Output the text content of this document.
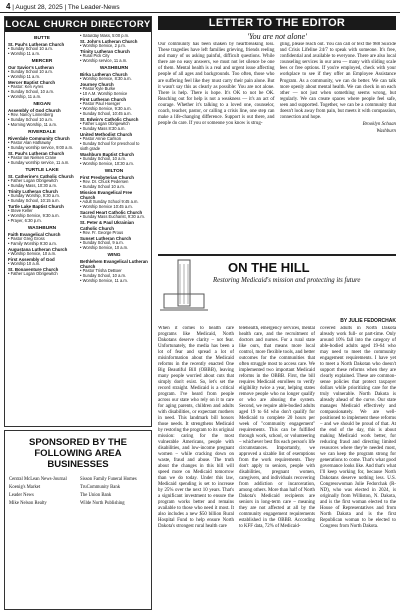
4 | August 28, 2025 | The Leader-News
LOCAL CHURCH DIRECTORY
BUTTE
St. Paul's Lutheran Church
• Sunday School 10 a.m.
• Worship 11 a.m.
MERCER
Our Savior's Lutheran
• Sunday School 10 a.m.
• Worship 11 a.m.
Mercer Baptist Church
• Pastor: Ken Ayres
• Sunday School, 10 a.m.
• Worship, 11 a.m.
NEGAN
Assembly of God Church
• Rev. Nancy Linnenberg
• Sunday School 10 a.m.
• Morning Worship, 11 a.m.
RIVERDALE
Riverdale Community Church
• Pastor Alan Hathaway
• Sunday worship service, 9:00 a.m.
St. Paul's Lutheran Church
• Pastor Ian Nielsen Crane
• Sunday worship service, 11 a.m.
TURTLE LAKE
St. Catherine's Catholic Church
• Father Logan Obrigewitch
• Sunday Mass, 10:30 a.m.
Trinity Lutheran Church
• Sunday Worship, 9:30 a.m.
• Sunday School, 10:15 a.m.
Turtle Lake Baptist Church
• Steve Keller
• Worship Service, 9:30 a.m.
• Prayer, 6:30 p.m.
WASHBURN
Faith Evangelical Church
• Pastor Greg Gross
• Family Worship 9:30 a.m.
Augustana Lutheran Church
• Worship Service, 10 a.m.
First Assembly of God
• Worship 10 a.m.
St. Bonaventure Church
• Father Logan Obrigewitch
• Saturday Mass, 5:00 p.m.
St. John's Lutheran Church
• Worship Service, 2 p.m.
Trinity Lutheran Church
• Rural Pick City
• Worship service, 11 a.m.
WASHBURN
Birka Lutheran Church
• Worship Service, 8:30 a.m.
Journey Church
• Pastor Kyle Burke
• 10 A.M. Worship Service
First Lutheran Church
• Pastor Paul Hoesger
• Worship Service, 9:30 a.m.
• Sunday School, 10:45 a.m.
St. Edwin's Catholic Church
• Father Logan Obrigewitch
• Sunday Mass 8:30 a.m.
United Methodist Church
• Pastor Annie Carlson
• Sunday School for preschool to sixth grade
Washburn Baptist Church
• Sunday School, 10 a.m.
• Worship Service, 10:30 a.m.
WILTON
First Presbyterian Church
• Rev. Dr. Chuck Pedersen
• Sunday School 10 a.m.
Mission Evangelical Free Church
• Adult Sunday School 9:45 a.m.
• Worship Service 10:45 a.m.
Sacred Heart Catholic Church
• Sunday Mass Eucharist, 9:30 a.m.
St. Peter & Paul Ukrainian Catholic Church
• Rev. Fr. George Prous
Sunset Lutheran Church
• Sunday School, 9 a.m.
• Worship Service, 10 a.m.
WING
Bethlehem Evangelical Lutheran Church
• Pastor Trisha DeBoer
• Sunday School, 10 a.m.
• Worship Service, 11 a.m.
SPONSORED BY THE FOLLOWING AREA BUSINESSES
Central McLean News-Journal
Koenig's Market
Leader News
Mike Nelson Realty
Sisson Family Funeral Homes
TruCommunity Bank
The Union Bank
Wilde North Publishing
LETTER TO THE EDITOR
'You are not alone'
Our community has been shaken by heartbreaking loss. These tragedies have left families grieving, friends reeling and many of us asking painful, difficult questions. While there are no easy answers, we must not let silence be one of them. Mental health is a real and urgent issue affecting people of all ages and backgrounds. Too often, those who are suffering feel like they must carry their pain alone. But it wasn't say this as clearly as possible: You are not alone. There is help. There is hope. It's OK to not be OK. Reaching out for help is not a weakness — it's an act of courage. Whether it's talking to a loved one, counselor, coach, teacher, pastor, or calling a crisis line, one step can make a life-changing difference. Support is out there, and people do care. If you or someone you know is strug-
gling, please reach out. You can call or text the 988 Suicide and Crisis Lifeline 24/7 to speak with someone. It's free, confidential and available to everyone. There are also local counseling services in our area — many with sliding scale fees or free options. If you're employed, check with your workplace to see if they offer an Employee Assistance Program. As a community, we can do better. We can talk more openly about mental health. We can check in on each other — not just when something seems wrong, but regularly. We can create spaces where people feel safe, seen and supported. Together, we can be a community that doesn't look away from pain, but meets it with compassion, connection and hope.
Brooklyn Schaan
Washburn
ON THE HILL
Restoring Medicaid's mission and protecting its future
BY JULIE FEDORCHAK
When it comes to health care programs like Medicaid, North Dakotans deserve clarity – not fear. Unfortunately, the media has been a lot of fear and spread a lot of misinformation about the Medicaid reforms in the recently enacted One Big Beautiful Bill (OBBB), leaving many people worried about cuts that simply don't exist. So, let's set the record straight. Medicaid is a critical program. I've heard from people across our state who rely on it to care for aging parents, children and adults with disabilities, or expectant mothers in need. This landmark bill honors those needs. It strengthens Medicaid by restoring the program to its original mission: caring for the most vulnerable Americans, people with disabilities, and low-income pregnant women – while cracking down on waste, fraud and abuse. The truth about the changes in this bill will speed more on Medicaid tomorrow than we do today. Under this law, Medicaid spending is set to increase by 25% over the next 10 years. That's a significant investment to ensure the program works better and remains available to those who need it most. It also includes a new $50 billion Rural Hospital Fund to help ensure North Dakota's strongest rural health care
telehealth, emergency services, mental health care, and the recruitment of doctors and nurses. For a rural state like ours, that means more local control, more flexible tools, and better outcomes for the communities that often struggle most to access care. We implemented two important Medicaid reforms in the OBBB. First, the bill requires Medicaid enrollees to verify eligibility twice a year, helping states remove people who no longer qualify or who are abusing the system. Second, we require able-bodied adults aged 19 to 64 who don't qualify for Medicaid to complete 20 hours per week of "community engagement" requirements. This can be fulfilled through work, school, or volunteering – whichever best fits each person's life circumstances. Importantly, we approved a sizable list of exemptions from the work requirements. They don't apply to seniors, people with disabilities, pregnant women, caregivers, and individuals recovering from addiction or incarceration, among others. More than half of North Dakota's Medicaid recipients are seniors in long-term care – meaning they are not affected at all by the community engagement requirements established in the OBBB. According to KFF data, 72% of Medicaid-
covered adults in North Dakota already work full- or part-time. Only around 10% fall into the category of able-bodied adults aged 19-64 who may need to meet the community engagement requirements. I have yet to meet a North Dakotan who doesn't support these reforms when they are clearly explained. These are common-sense policies that protect taxpayer dollars while prioritizing care for the truly vulnerable. North Dakota is already ahead of the curve. Our state manages Medicaid effectively and compassionately. We are well-positioned to implement these reforms – and we should be proud of that. At the end of the day, this is about making Medicaid work better, for reducing fraud and directing limited resources where they're needed most, we can keep the program strong for generations to come. That's what good governance looks like. And that's what I'll keep working for, because North Dakotans deserve nothing less. U.S. Congresswoman Julie Fedorchak (R-ND), who was elected in 2024, is originally from Williston, N. Dakota, and is the first woman elected to the House of Representatives and from North Dakota and is the first Republican woman to be elected to Congress from North Dakota.
